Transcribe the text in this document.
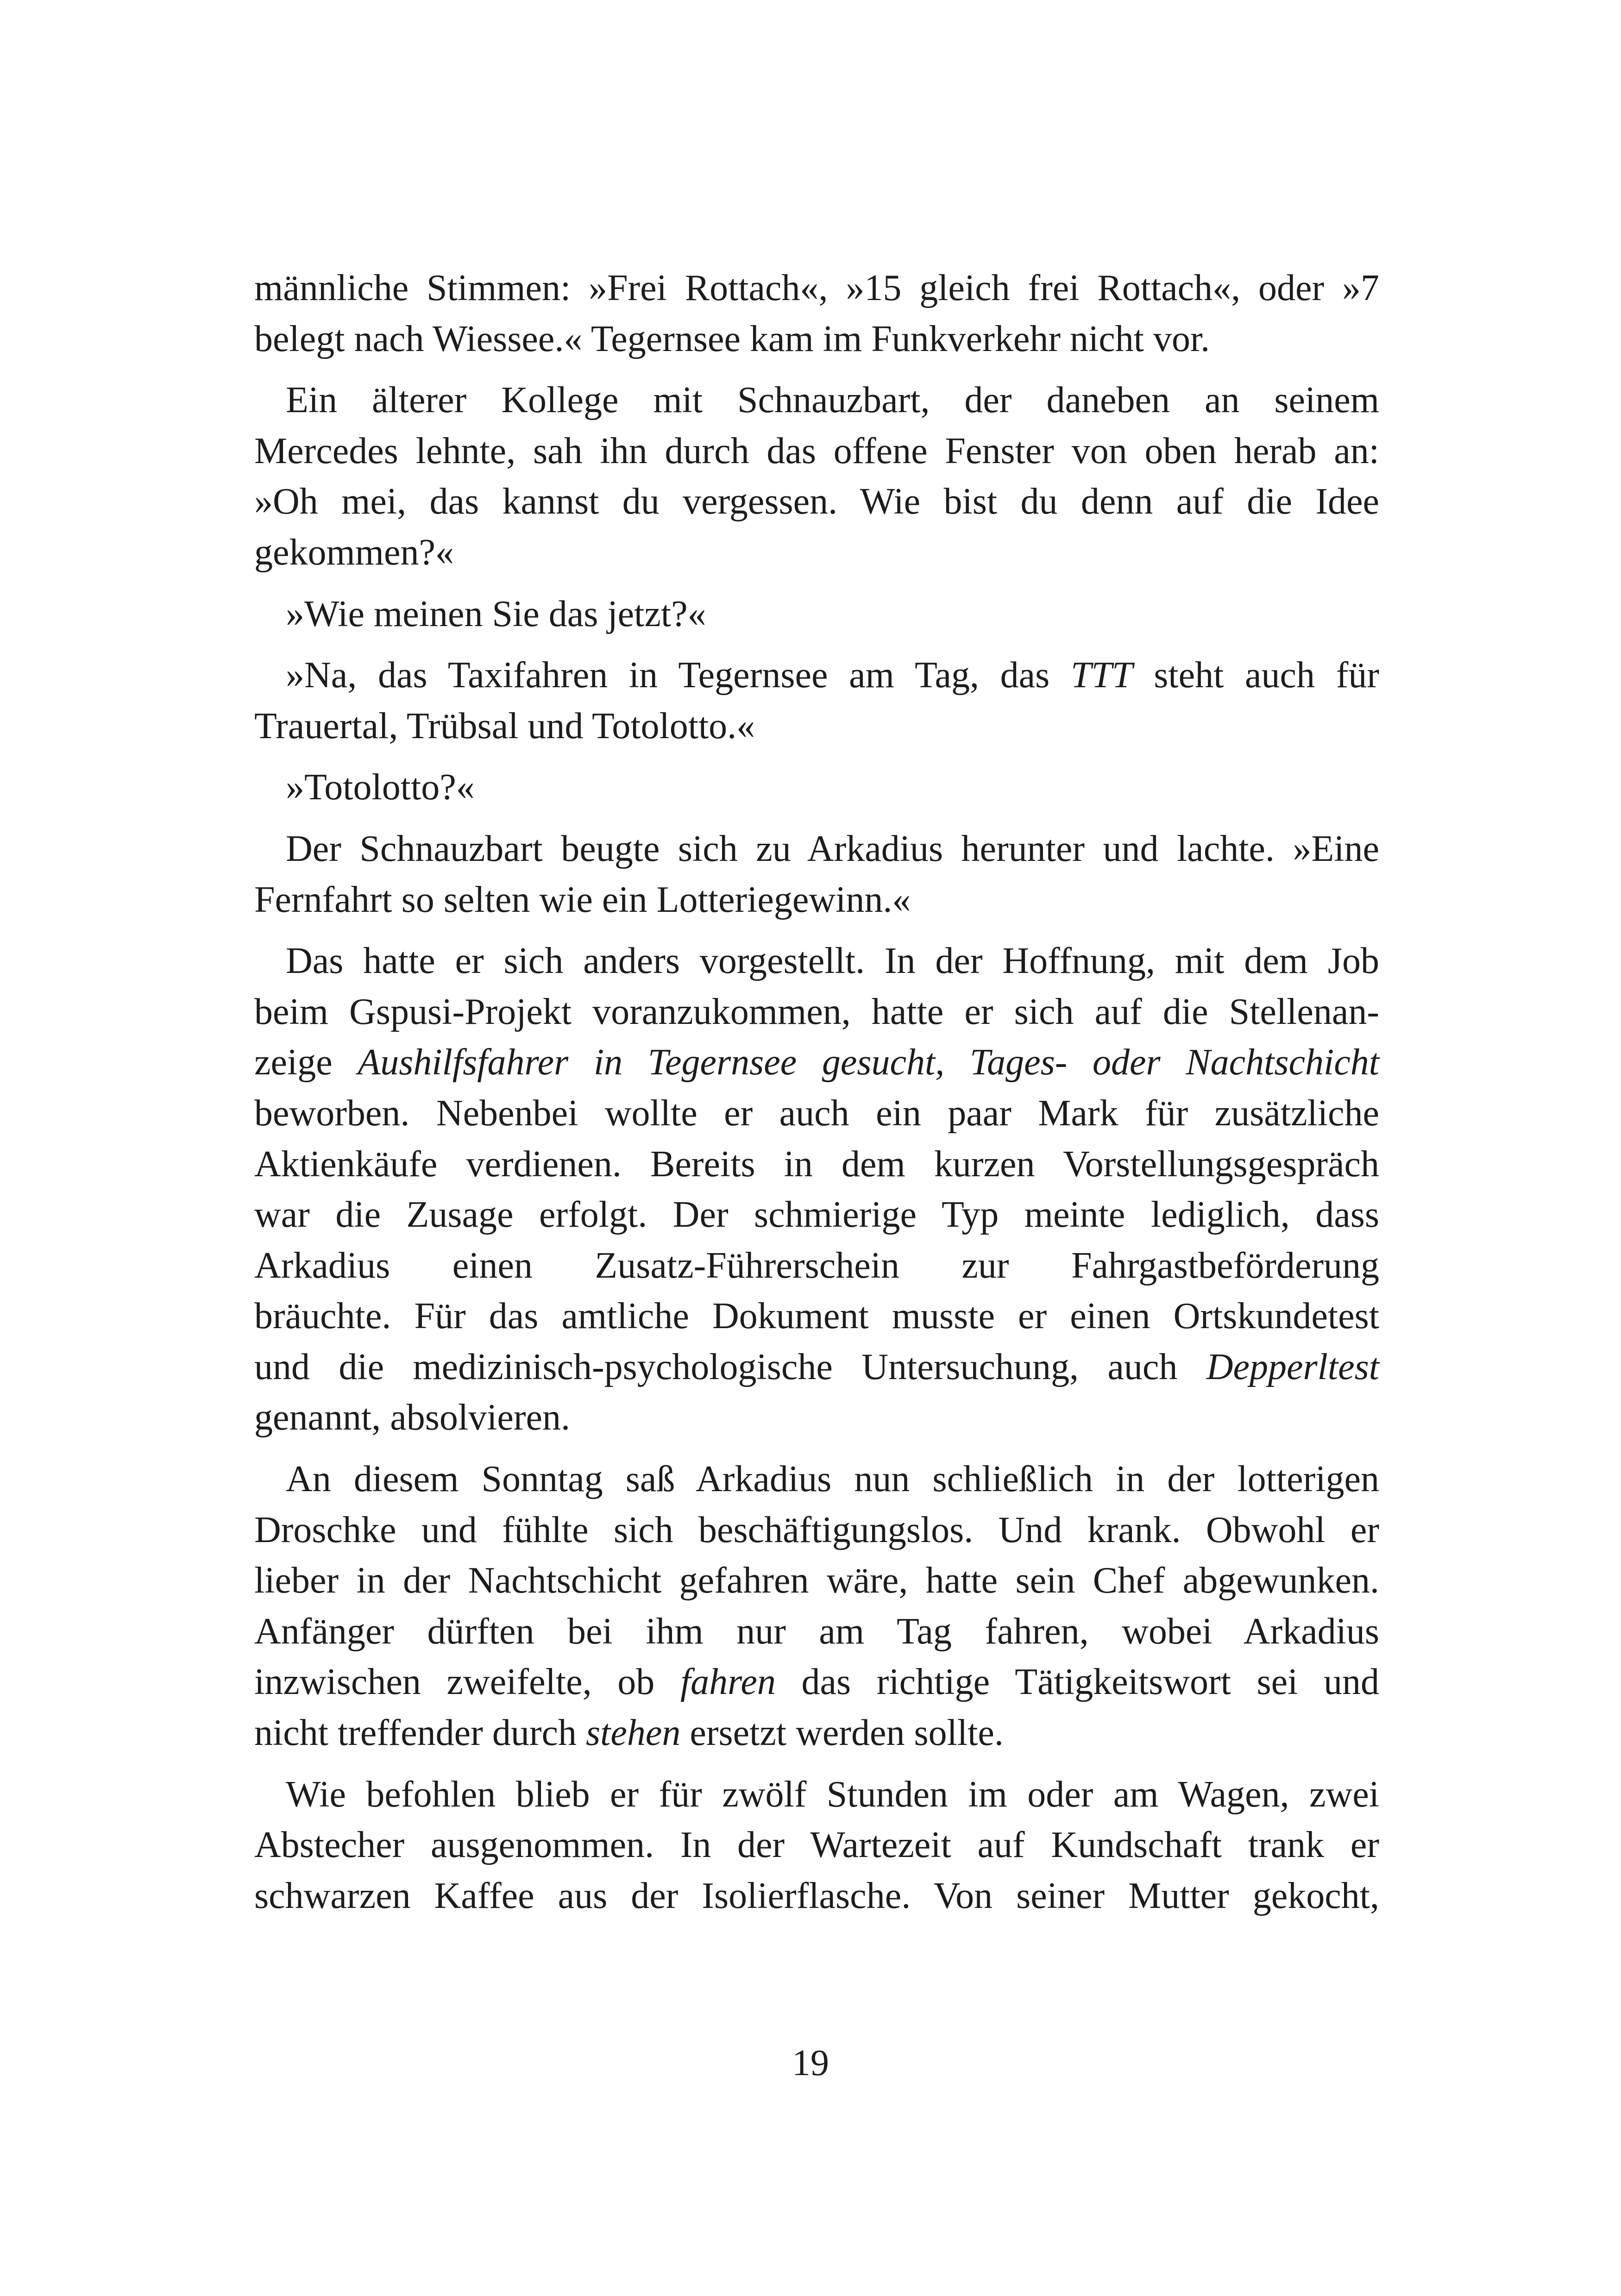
männliche Stimmen: »Frei Rottach«, »15 gleich frei Rottach«, oder »7
belegt nach Wiessee.« Tegernsee kam im Funkverkehr nicht vor.
Ein älterer Kollege mit Schnauzbart, der daneben an seinem
Mercedes lehnte, sah ihn durch das offene Fenster von oben herab an:
»Oh mei, das kannst du vergessen. Wie bist du denn auf die Idee
gekommen?«
»Wie meinen Sie das jetzt?«
»Na, das Taxifahren in Tegernsee am Tag, das TTT steht auch für
Trauertal, Trübsal und Totolotto.«
»Totolotto?«
Der Schnauzbart beugte sich zu Arkadius herunter und lachte. »Eine
Fernfahrt so selten wie ein Lotteriegewinn.«
Das hatte er sich anders vorgestellt. In der Hoffnung, mit dem Job
beim Gspusi-Projekt voranzukommen, hatte er sich auf die Stellenan-
zeige Aushilfsfahrer in Tegernsee gesucht, Tages- oder Nachtschicht
beworben. Nebenbei wollte er auch ein paar Mark für zusätzliche
Aktienkäufe verdienen. Bereits in dem kurzen Vorstellungsgespräch
war die Zusage erfolgt. Der schmierige Typ meinte lediglich, dass
Arkadius einen Zusatz-Führerschein zur Fahrgastbeförderung
bräuchte. Für das amtliche Dokument musste er einen Ortskundetest
und die medizinisch-psychologische Untersuchung, auch Depperltest
genannt, absolvieren.
An diesem Sonntag saß Arkadius nun schließlich in der lotterigen
Droschke und fühlte sich beschäftigungslos. Und krank. Obwohl er
lieber in der Nachtschicht gefahren wäre, hatte sein Chef abgewunken.
Anfänger dürften bei ihm nur am Tag fahren, wobei Arkadius
inzwischen zweifelte, ob fahren das richtige Tätigkeitswort sei und
nicht treffender durch stehen ersetzt werden sollte.
Wie befohlen blieb er für zwölf Stunden im oder am Wagen, zwei
Abstecher ausgenommen. In der Wartezeit auf Kundschaft trank er
schwarzen Kaffee aus der Isolierflasche. Von seiner Mutter gekocht,
19
